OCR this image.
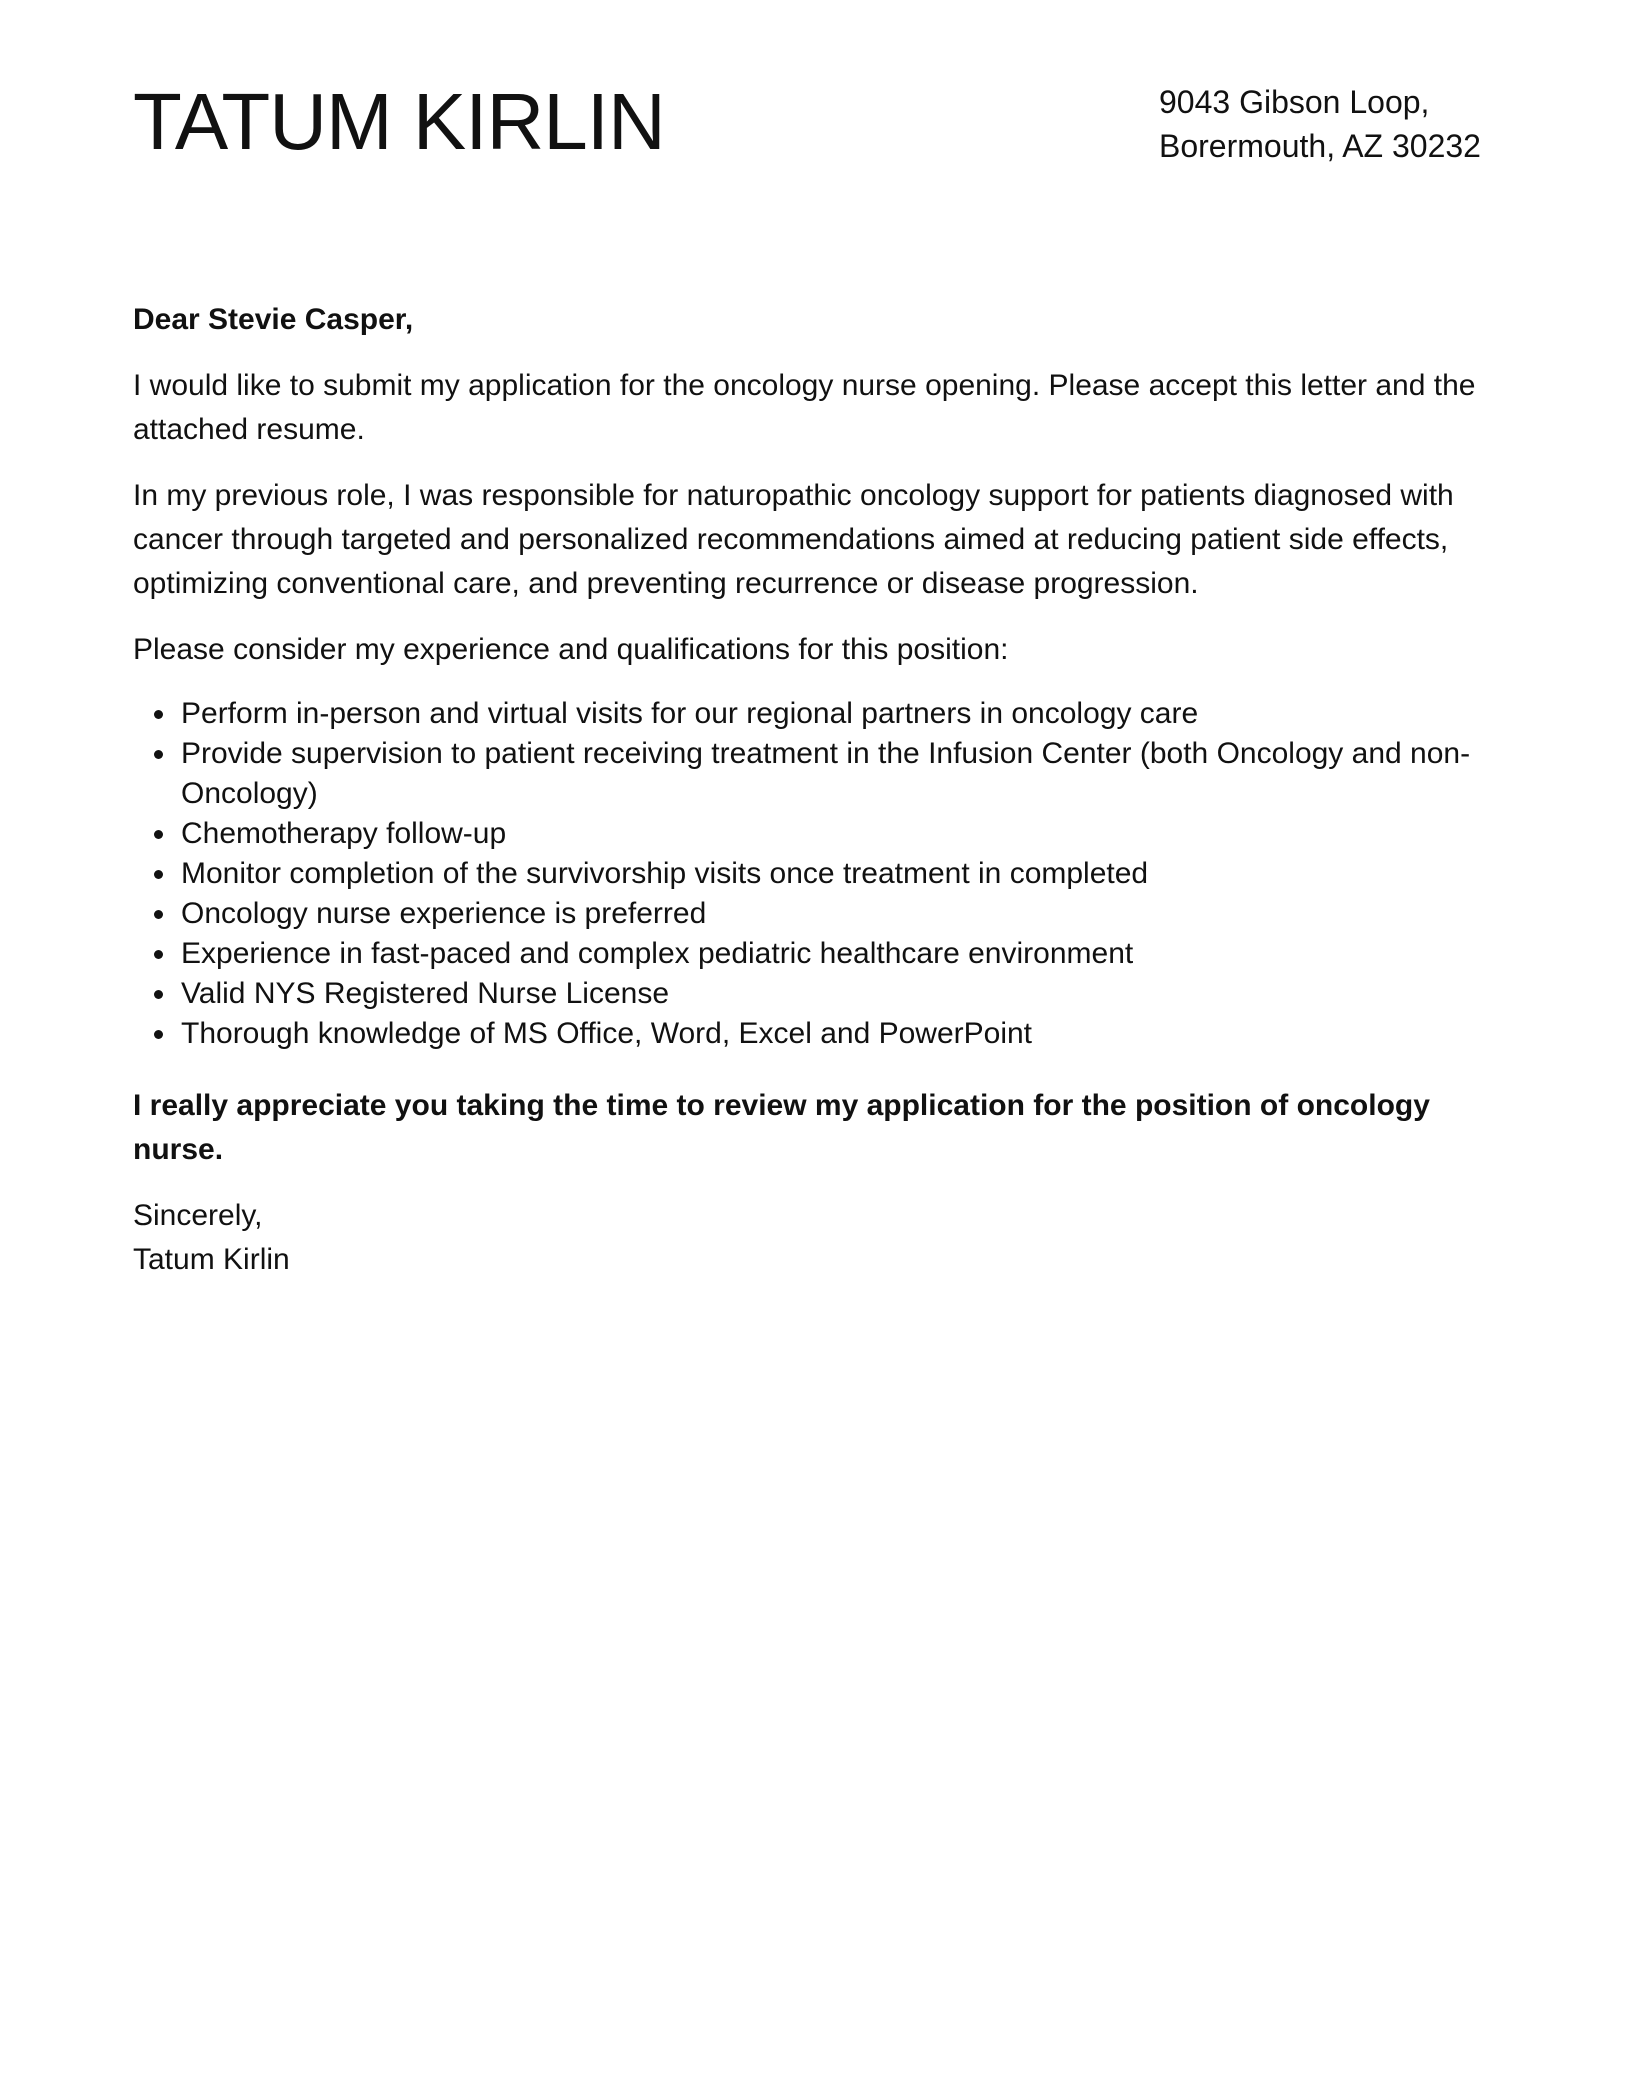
TATUM KIRLIN	9043 Gibson Loop,
Borermouth, AZ 30232

Dear Stevie Casper,

I would like to submit my application for the oncology nurse opening. Please accept this letter and the attached resume.

In my previous role, I was responsible for naturopathic oncology support for patients diagnosed with cancer through targeted and personalized recommendations aimed at reducing patient side effects, optimizing conventional care, and preventing recurrence or disease progression.

Please consider my experience and qualifications for this position:

Perform in-person and virtual visits for our regional partners in oncology care
Provide supervision to patient receiving treatment in the Infusion Center (both Oncology and non-Oncology)
Chemotherapy follow-up
Monitor completion of the survivorship visits once treatment in completed
Oncology nurse experience is preferred
Experience in fast-paced and complex pediatric healthcare environment
Valid NYS Registered Nurse License
Thorough knowledge of MS Office, Word, Excel and PowerPoint

I really appreciate you taking the time to review my application for the position of oncology nurse.

Sincerely,
Tatum Kirlin
